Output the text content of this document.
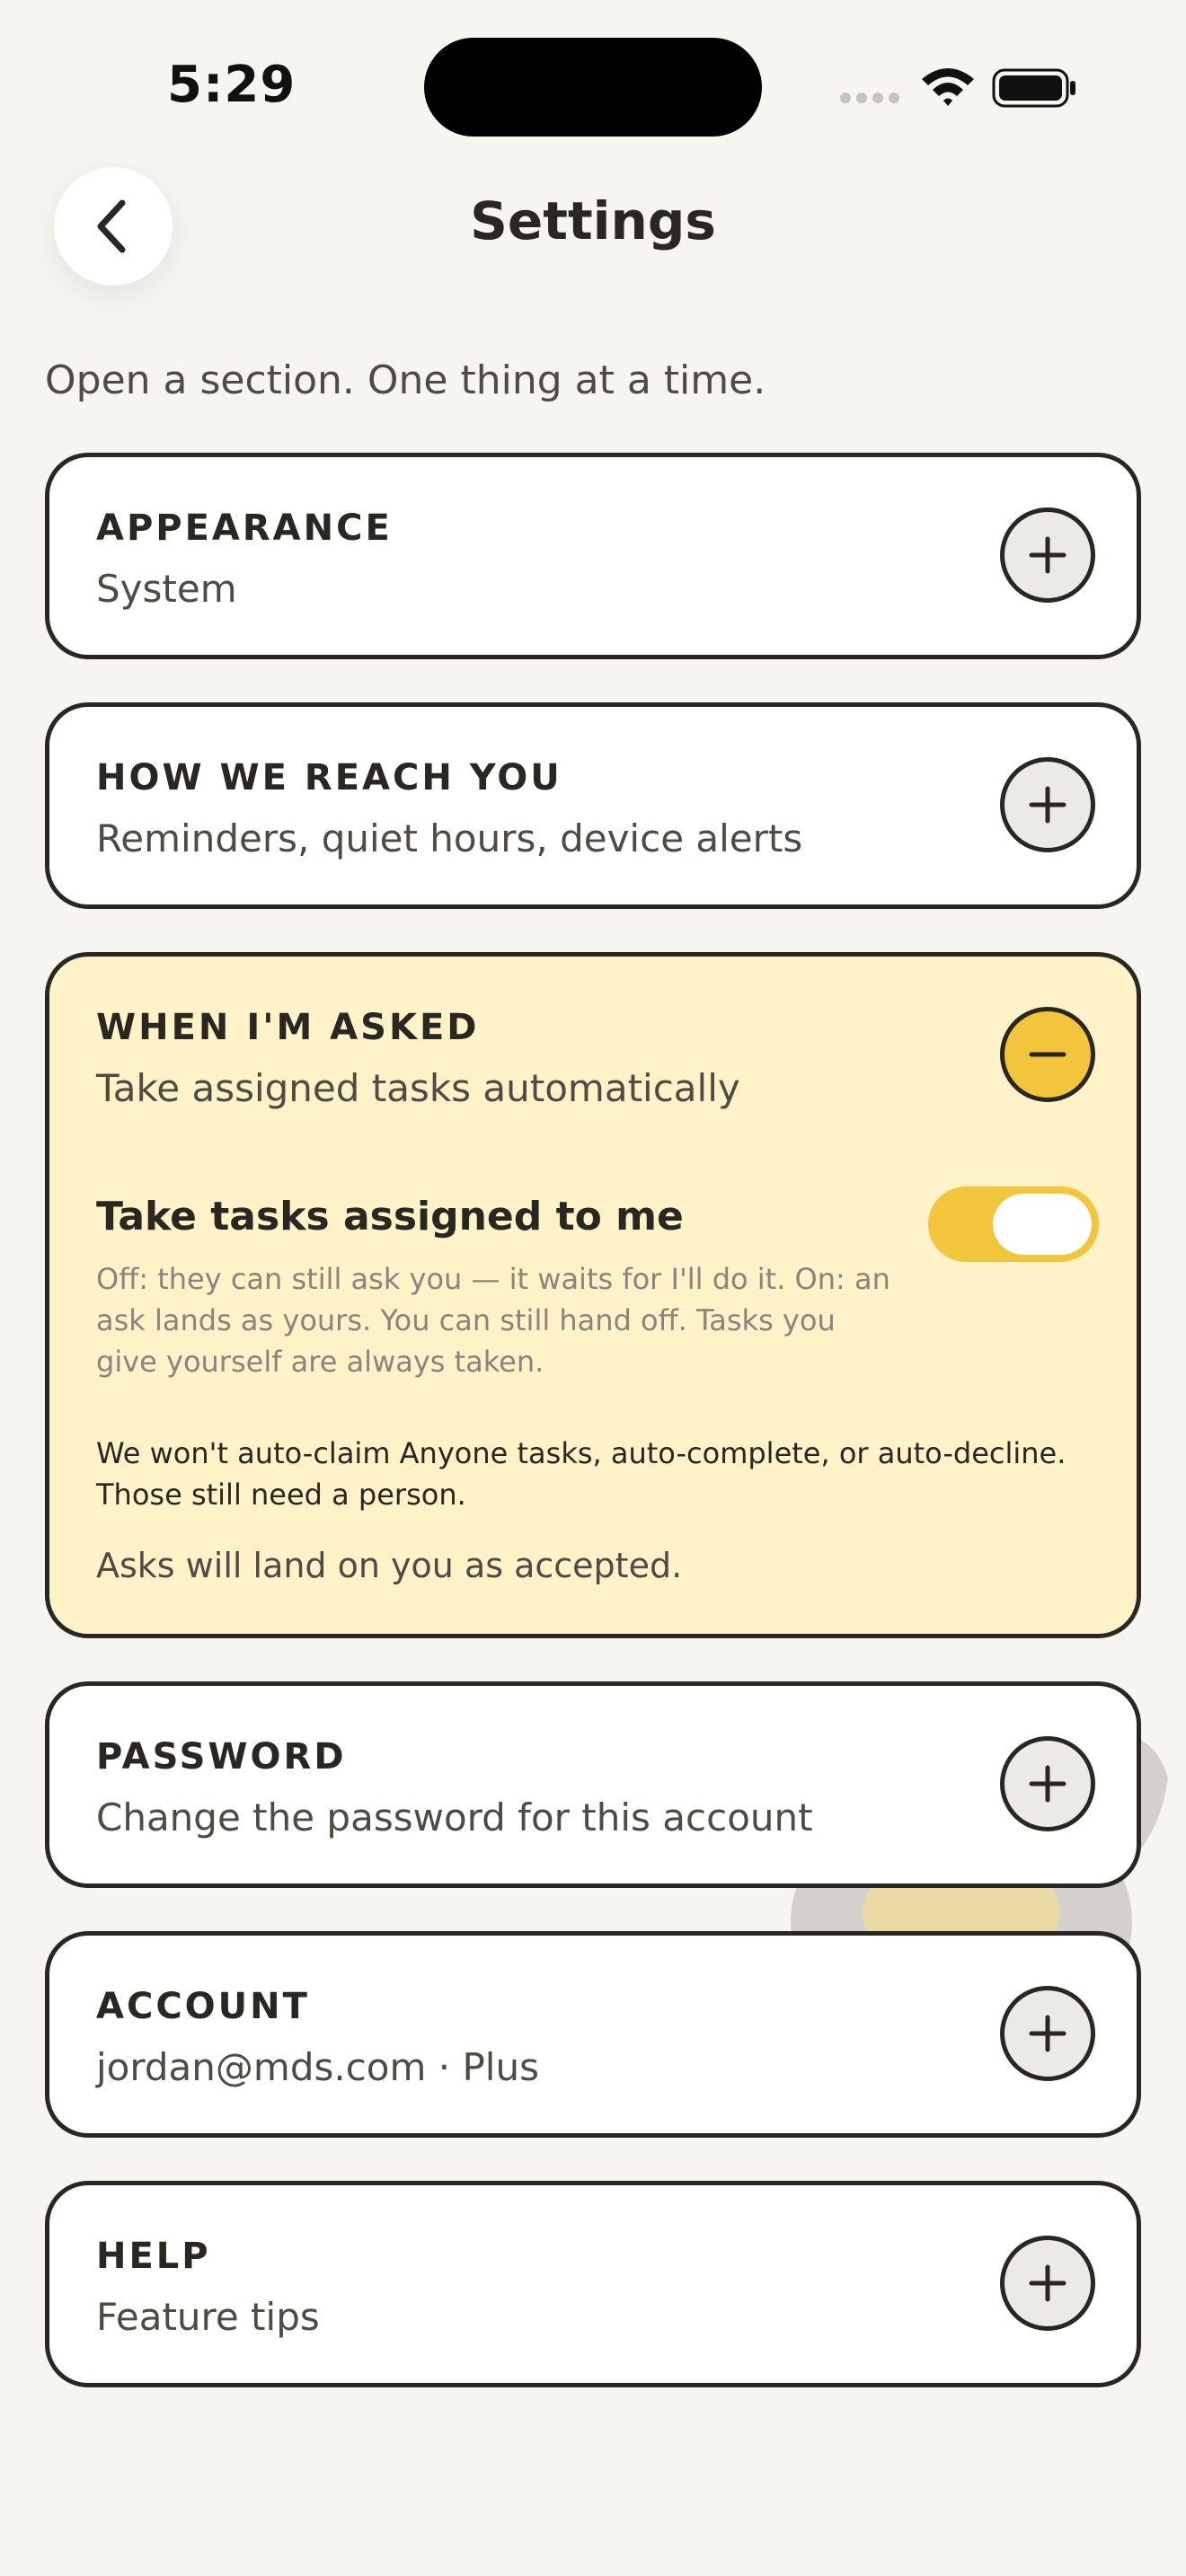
5:29
Settings
Open a section. One thing at a time.
APPEARANCE
System
HOW WE REACH YOU
Reminders, quiet hours, device alerts
WHEN I'M ASKED
Take assigned tasks automatically
Take tasks assigned to me
Off: they can still ask you — it waits for I'll do it. On: an ask lands as yours. You can still hand off. Tasks you give yourself are always taken.
We won't auto-claim Anyone tasks, auto-complete, or auto-decline. Those still need a person.
Asks will land on you as accepted.
PASSWORD
Change the password for this account
ACCOUNT
jordan@mds.com · Plus
HELP
Feature tips
